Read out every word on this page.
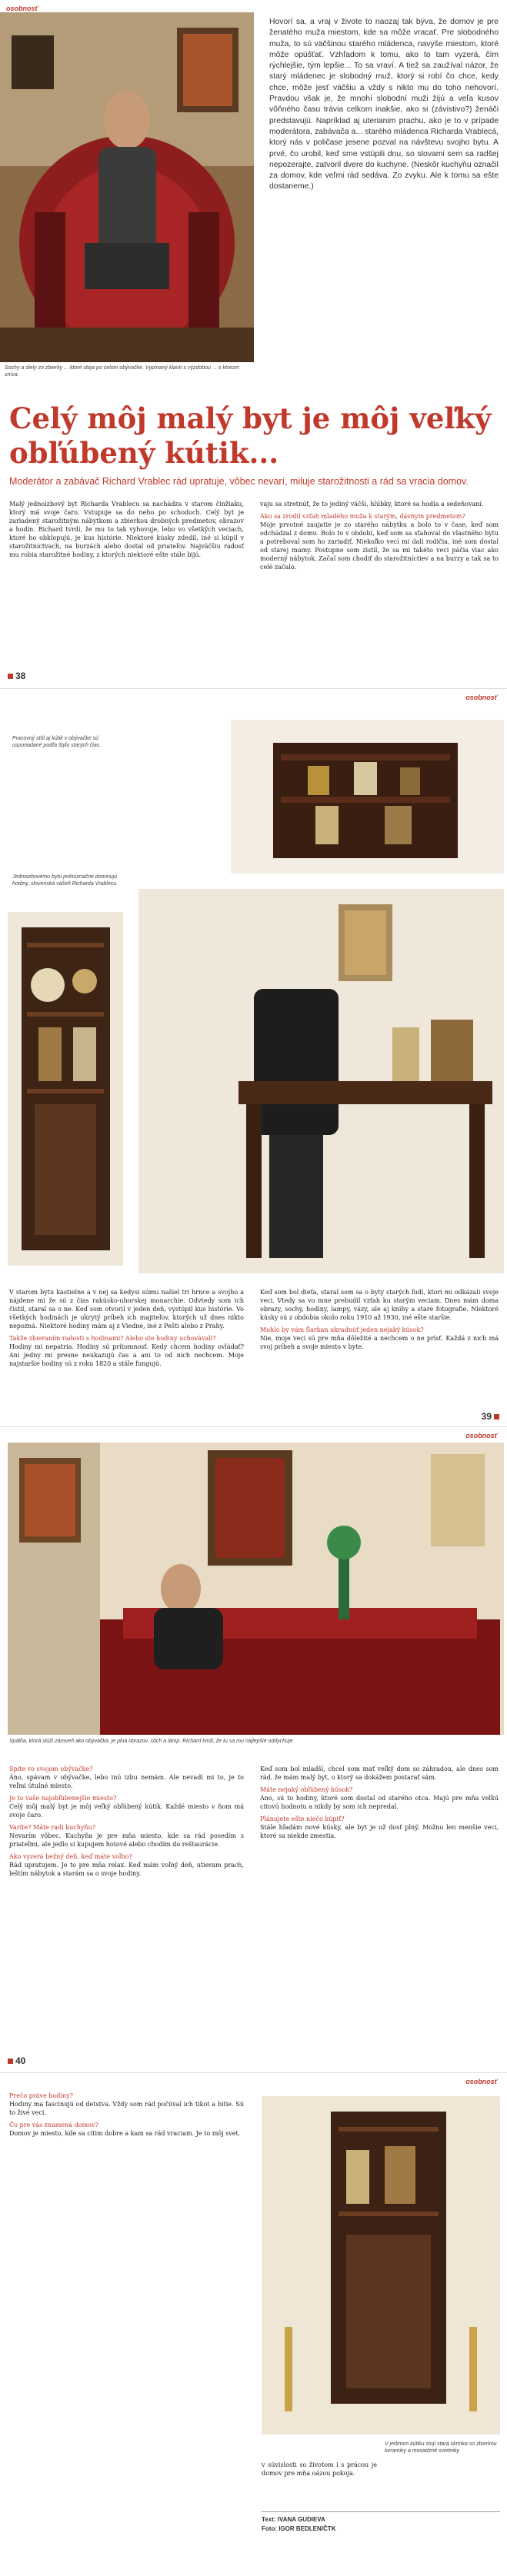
osobnosť
Sochy a diely zo zbierky ... ktoré stoja po celom obývačke. Vypínaný klavír s výzdobou ... o ktorom sníva.
Hovorí sa, a vraj v živote to naozaj tak býva, že domov je pre ženatého muža miestom, kde sa môže vracať. Pre slobodného muža, to sú väčšinou starého mládenca, navyše miestom, ktoré môže opúšťať. Vzhľadom k tomu, ako to tam vyzerá, čím rýchlejšie, tým lepšie... To sa vraví. A tiež sa zaužíval názor, že starý mládenec je slobodný muž, ktorý si robí čo chce, kedy chce, môže jesť väčšiu a vždy s nikto mu do toho nehovorí. Pravdou však je, že mnohí slobodní muži žijú a veľa kusov vôňného času trávia celkom inakšie, ako si (závistivo?) ženáči predstavujú. Napríklad aj uterianim prachu, ako je to v prípade moderátora, zabávača a... starého mládenca Richarda Vrablecá, ktorý nás v poličase jesene pozval na návštevu svojho bytu. A prvé, čo urobil, keď sme vstúpili dnu, so slovami sem sa radšej nepozerajte, zatvoril dvere do kuchyne. (Neskôr kuchyňu označil za domov, kde veľmi rád sedáva. Zo zvyku. Ale k tomu sa ešte dostaneme.)
Celý môj malý byt je môj veľký obľúbený kútik...
Moderátor a zabávač Richard Vrablec rád upratuje, vôbec nevarí, miluje starožitnosti a rád sa vracia domov.
Malý jednoizbový byt Richarda Vrablecu sa nachádza v starom činžiaku, ktorý má svoje čaro. Vstupuje sa do neho po schodoch. Celý byt je zariadený starožitným nábytkom a zbierkou drobných predmetov, obrazov a hodín. Richard tvrdí, že mu to tak vyhovuje, lebo vo všetkých veciach, ktoré ho obklopujú, je kus histórie. Niektoré kúsky zdedil, iné si kúpil v starožitníctvach, na burzách alebo dostal od priateľov. Najväčšiu radosť mu robia starožitné hodiny, z ktorých niektoré ešte stále bijú.

vaju sa stretnúť, že to jediný väčší, hlúbky, ktoré sa hodia a sedeňovaní.

Ako sa zrodil vzťah mladého muža k starým, dávnym predmetom?

Moje prvotné zaujatie je zo starého nábytku a bolo to v čase, keď som odchádzal z domu. Bolo to v období, keď som sa sťahoval do vlastného bytu a potreboval som ho zariadiť. Niekoľko vecí mi dali rodičia, iné som dostal od starej mamy. Postupne som zistil, že sa mi takéto veci páčia viac ako moderný nábytok. Začal som chodiť do starožitníctiev a na burzy a tak sa to celé začalo.

38
osobnosť
Pracovný stôl aj kútik v obývačke sú usporiadané podľa štýlu starých čias.
Jednoizbovému bytu jednoznačne dominujú hodiny, slovenská vášeň Richarda Vrablecu.

V starom bytu kastielne a v nej sa kedysi súmu našiel tri hrnce a svojho a nájdene mi že sú z čias rakúsko-uhorskej monarchie. Odvtedy som ich čistil, staral sa o ne. Keď som otvoril v jeden deň, vystúpil kus histórie. Vo všetkých hodinách je ukrytý príbeh ich majiteľov, ktorých už dnes nikto nepozná. Niektoré hodiny mám aj z Viedne, iné z Pešti alebo z Prahy.

Takže zbieraním radosti s hodinami? Alebo ste hodiny uchovávali?

Hodiny mi nepatria. Hodiny sú prítomnosť. Kedy chcem hodiny ovládať? Ani jedny mi presne neukazujú čas a ani to od nich nechcem. Moje najstaršie hodiny sú z roku 1820 a stále fungujú.

Keď som bol dieťa, staral som sa o byty starých ľudí, ktorí mi odkázali svoje veci. Vtedy sa vo mne prebudil vzťah ku starým veciam. Dnes mám doma obrazy, sochy, hodiny, lampy, vázy, ale aj knihy a staré fotografie. Niektoré kúsky sú z obdobia okolo roku 1910 až 1930, iné ešte staršie.

Mohlo by vám Šarkan ukradnúť jeden nejaký kúsok?

Nie, moje veci sú pre mňa dôležité a nechcem o ne prísť. Každá z nich má svoj príbeh a svoje miesto v byte.

39
osobnosť
Spálňa, ktorá slúži zároveň ako obývačka, je plná obrazov, sôch a lámp. Richard tvrdí, že tu sa mu najlepšie oddychuje.
Spíte vo svojom obývačke?

Áno, spávam v obývačke, lebo inú izbu nemám. Ale nevadí mi to, je to veľmi útulné miesto.

Je to vaše najobľúbenejšie miesto?

Celý môj malý byt je môj veľký obľúbený kútik. Každé miesto v ňom má svoje čaro.

Varíte? Máte radi kuchyňu?

Nevarím vôbec. Kuchyňa je pre mňa miesto, kde sa rád posedím s priateľmi, ale jedlo si kupujem hotové alebo chodím do reštaurácie.

Ako vyzerá bežný deň, keď máte voľno?

Rád upratujem. Je to pre mňa relax. Keď mám voľný deň, utieram prach, leštím nábytok a starám sa o svoje hodiny.

Keď som bol mladší, chcel som mať veľký dom so záhradou, ale dnes som rád, že mám malý byt, o ktorý sa dokážem postarať sám.

Máte nejaký obľúbený kúsok?

Áno, sú to hodiny, ktoré som dostal od starého otca. Majú pre mňa veľkú citovú hodnotu a nikdy by som ich nepredal.

Plánujete ešte niečo kúpiť?

Stále hľadám nové kúsky, ale byt je už dosť plný. Možno len menšie veci, ktoré sa niekde zmestia.

40
osobnosť
Prečo práve hodiny?

Hodiny ma fascinujú od detstva. Vždy som rád počúval ich tikot a bitie. Sú to živé veci.

Čo pre vás znamená domov?

Domov je miesto, kde sa cítim dobre a kam sa rád vraciam. Je to môj svet.

V jedinom kútiku stojí stará skrinka so zbierkou keramiky a mosadzné svietniky.
Text: IVANA GUDIEVA
Foto: IGOR BEDLEN/ČTK
v súvislosti so životom i s prácou je domov pre mňa oázou pokoja.
